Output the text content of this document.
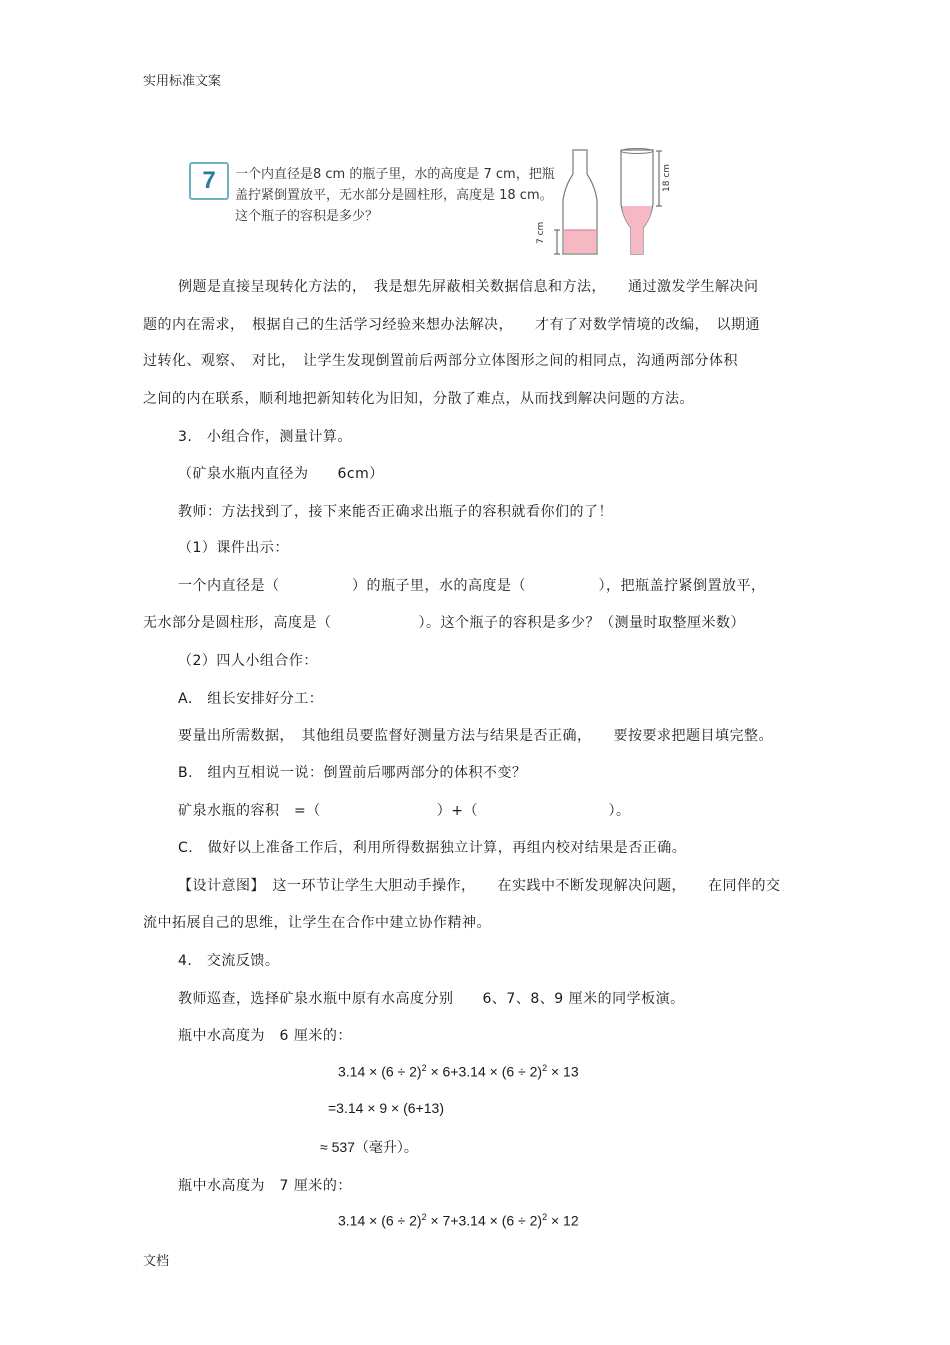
实用标准文案
7	一个内直径是8 cm 的瓶子里，水的高度是 7 cm，把瓶盖拧紧倒置放平，无水部分是圆柱形，高度是 18 cm。这个瓶子的容积是多少？
7 cm
18 cm
例题是直接呈现转化方法的，　我是想先屏蔽相关数据信息和方法，　　通过激发学生解决问
题的内在需求，　根据自己的生活学习经验来想办法解决，　　才有了对数学情境的改编，　以期通
过转化、观察、　对比，　让学生发现倒置前后两部分立体图形之间的相同点，沟通两部分体积
之间的内在联系，顺利地把新知转化为旧知，分散了难点，从而找到解决问题的方法。
3.　小组合作，测量计算。
（矿泉水瓶内直径为　　6cm）
教师：方法找到了，接下来能否正确求出瓶子的容积就看你们的了！
（1）课件出示：
一个内直径是（　　　　　）的瓶子里，水的高度是（　　　　　），把瓶盖拧紧倒置放平，
无水部分是圆柱形，高度是（　　　　　　）。这个瓶子的容积是多少？（测量时取整厘米数）
（2）四人小组合作：
A.　组长安排好分工：
要量出所需数据，　其他组员要监督好测量方法与结果是否正确，　　要按要求把题目填完整。
B.　组内互相说一说：倒置前后哪两部分的体积不变？
矿泉水瓶的容积　=（　　　　　　　　）+（　　　　　　　　　）。
C.　做好以上准备工作后，利用所得数据独立计算，再组内校对结果是否正确。
【设计意图】　这一环节让学生大胆动手操作，　　在实践中不断发现解决问题，　　在同伴的交
流中拓展自己的思维，让学生在合作中建立协作精神。
4.　交流反馈。
教师巡查，选择矿泉水瓶中原有水高度分别　　6、7、8、9 厘米的同学板演。
瓶中水高度为　6 厘米的：
$3.14 \times (6 \div 2)^2 \times 6+3.14 \times (6 \div 2)^2 \times 13$
=3.14 × 9 × (6+13)
≈ 537（毫升）。
瓶中水高度为　7 厘米的：
$3.14 \times (6 \div 2)^2 \times 7+3.14 \times (6 \div 2)^2 \times 12$
文档
